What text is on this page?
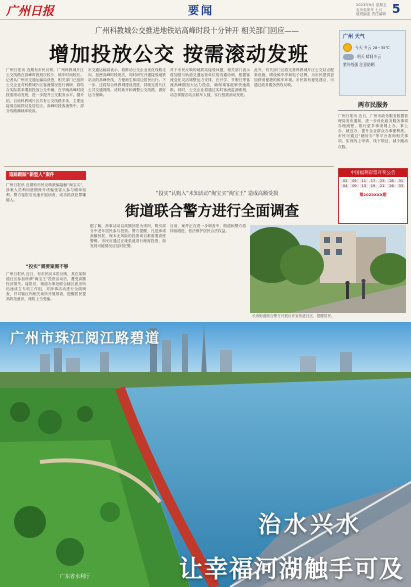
广州日报	要闻	2023年9月 星期五
农历癸卯年 七月
值班编委 责任编辑 5
广州科教城公交推进地铁站高峰时段十分钟开 相关部门回应——
增加投放公交 按需滚动发班
广州日报讯 近期有市民反映，广州科教城片区公交线路在高峰时段班次较少、候车时间较长。记者从广州市交通运输局获悉，相关部门已组织公交企业对科教城片区客流情况进行调研，将结合实际需求增加投放公交车辆，在早晚高峰时段按需滚动发班，进一步提升公交服务水平。据介绍，目前科教城片区共有公交线路多条，主要连接周边地铁站及居住区。高峰时段客流集中，部分线路满载率较高。
市交通运输局表示，将推动公交企业优化线路走向，加密高峰时段班次，同时研究开通接驳地铁站点的高峰快线，方便师生和周边居民出行。下一步，还将结合科教城建设进度，持续完善片区公共交通网络，适时新开和调整公交线路，做好运力保障。
对于市民反映的地铁站接驳问题，相关部门表示将加强与轨道交通运营单位的沟通协调，根据客流变化灵活调整运力安排，在开学、节假日等客流高峰期加大运力投放，确保乘客能够快速疏散。同时，公交企业将通过实时客流监测系统，动态掌握各站点候车人数，实行按需滚动发班。
此外，有关部门还将完善科教城片区公交站点配套设施，增设候车亭和电子站牌，为市民提供更加舒适便捷的候车环境。市民如有意见建议，可通过政务服务热线反映。
广州 天气
今天 多云 28~35℃
明天 晴间多云
紫外线强 注意防晒
两市民服务
广州日报讯 近日，广州市政务服务数据管理局发布通知，进一步优化政务服务事项办理流程，推行更多事项网上办、掌上办、就近办，提升企业群众办事便利度。市民可通过“穗好办”等平台查询相关事项，实现线上申请、线下领证，减少跑动次数。
中国福利彩票开奖公告
02	05	11	17	23	28	31
04	09	13	19	21	26	33
第2023XXX期
追踪跟踪“新型人”案件
广州日报讯 近期有市民反映被骗接触“淘宝买”，涉案人员利用虚假账号诱骗受害人参与刷单返利，警方接报后迅速开展侦查，成功抓获犯罪嫌疑人。
“投实”需要案需不够
广州日报讯 近日，有市民向本报反映，其在某街道社区参加所谓“淘宝王”投资活动后，遭受高额经济损失。接报后，街道办事处联合辖区派出所迅速成立专项工作组，对涉事活动进行全面调查，并对辖区内相关场所开展排查，提醒居民提高防范意识，谨防上当受骗。
“投实”认购入“未知活动”淘宝买“淘宝王” 造成高额受损
街道联合警方进行全面调查
据了解，涉事活动以高额回报为诱饵，吸引部分中老年居民参与投资。警方提醒，凡是承诺高额回报、保本无风险的投资项目都需要高度警惕，市民应通过正规渠道进行理财投资，如发现可疑情况应及时报警。
目前，案件正在进一步调查中，街道和警方将持续跟进，依法维护居民合法权益。
长寿街道联合警方开展反诈宣传进社区，提醒居民。
广州市珠江阅江路碧道
治水兴水
让幸福河湖触手可及
广东省水利厅
